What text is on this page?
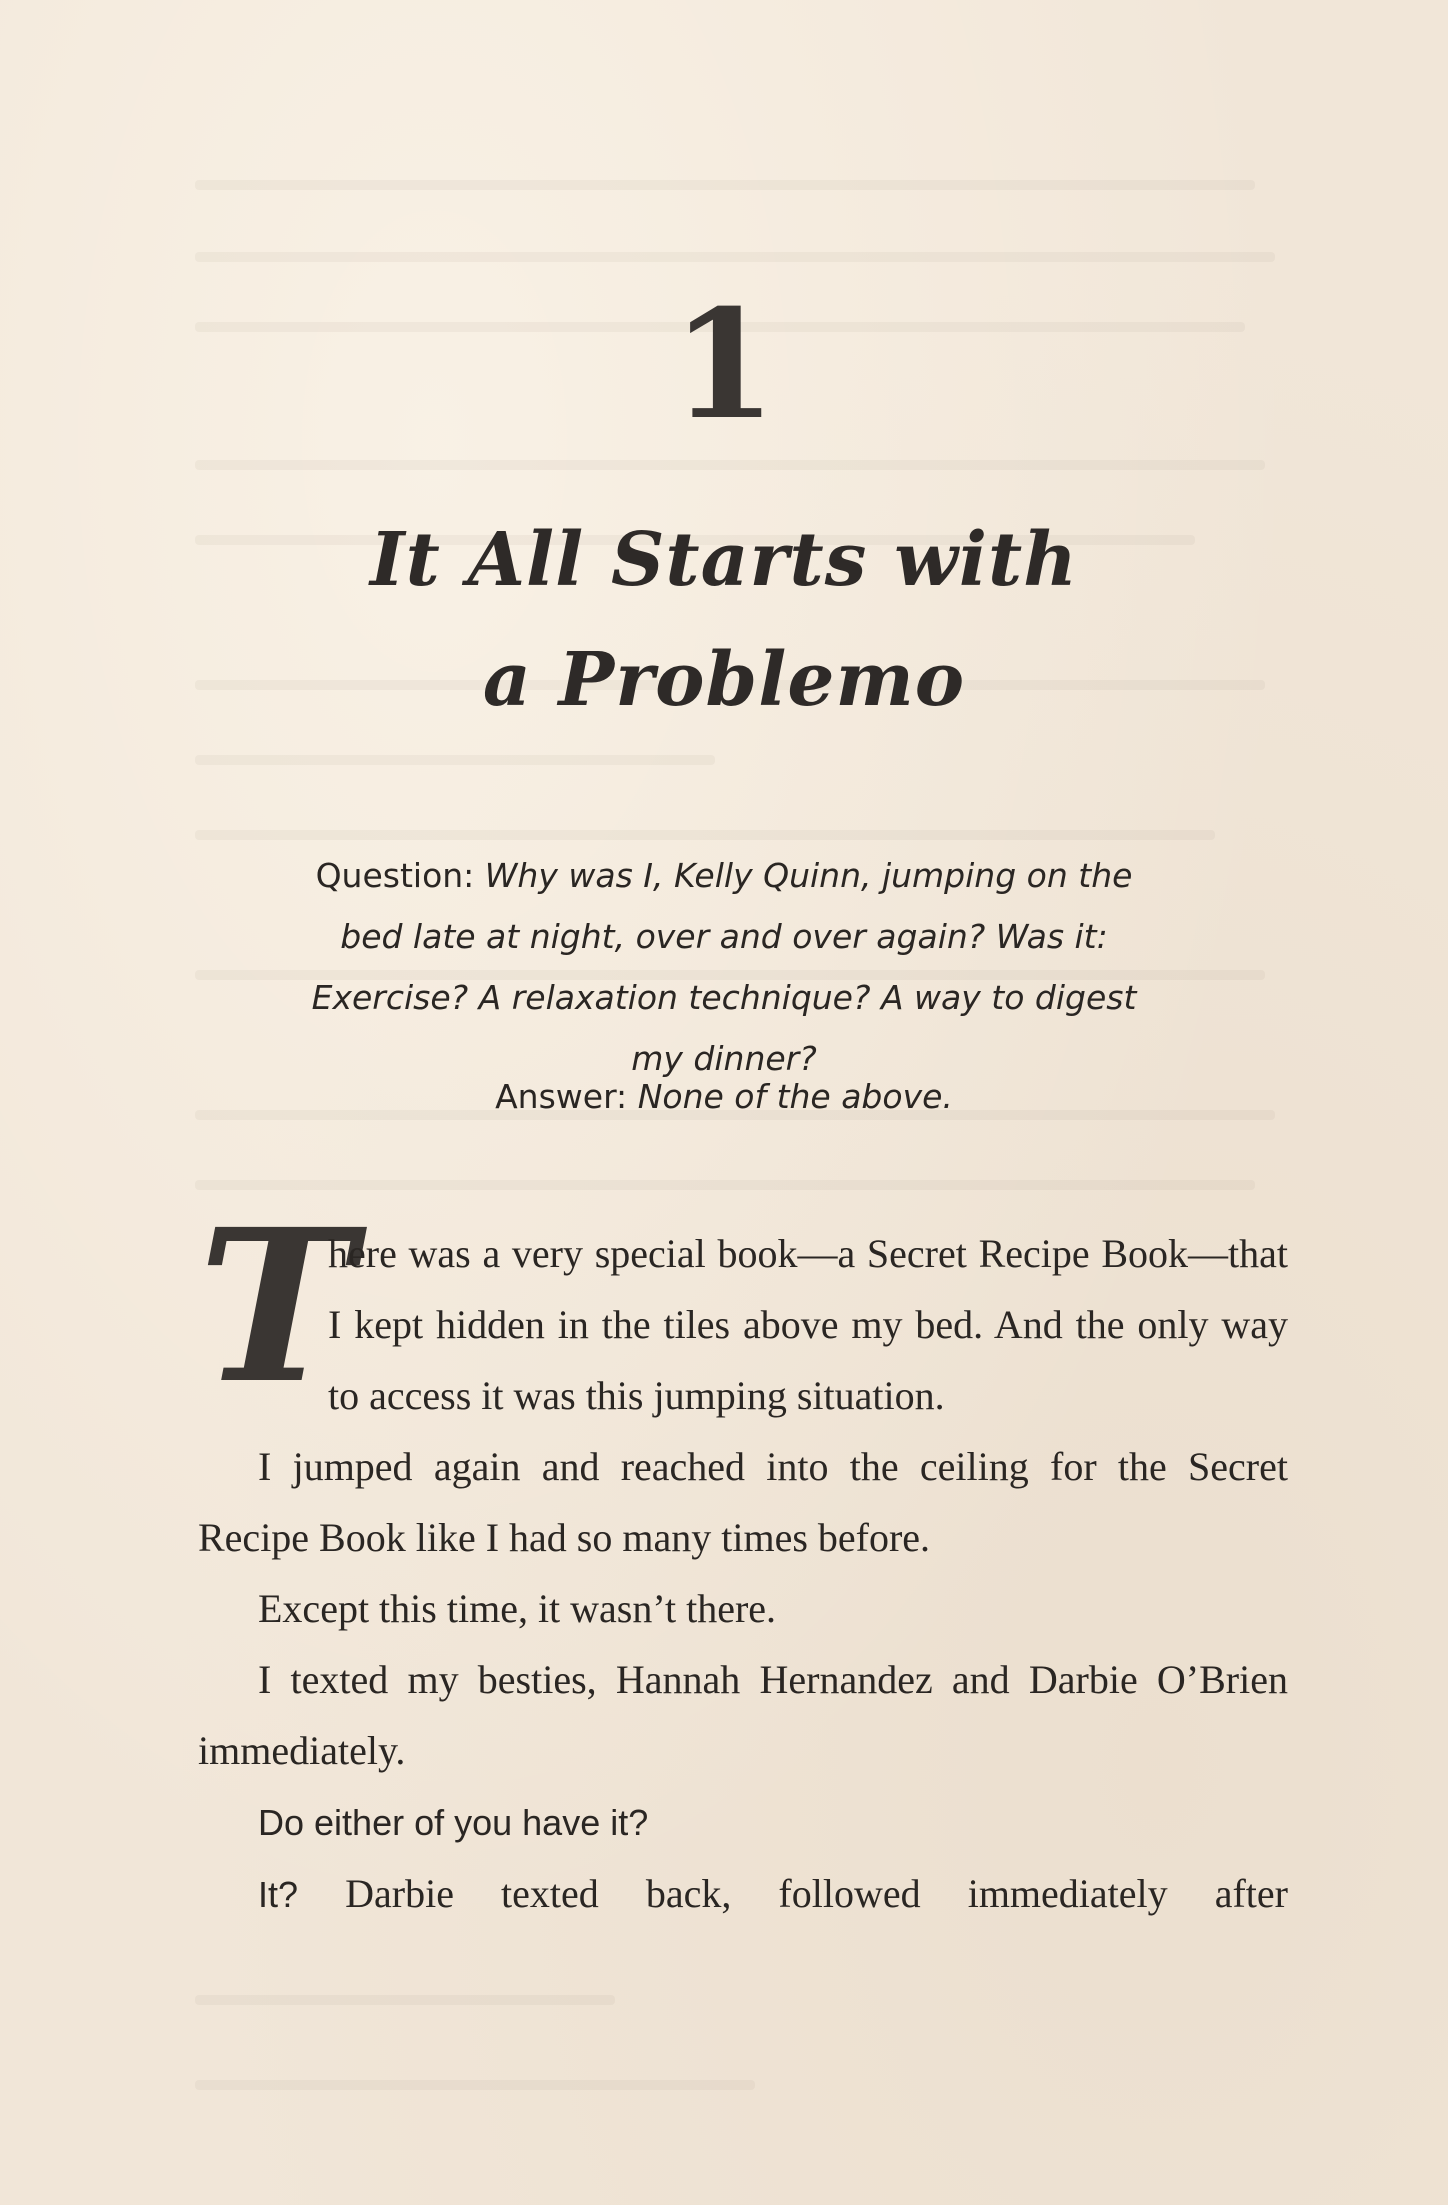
1
It All Starts with
a Problemo
Question: Why was I, Kelly Quinn, jumping on the bed late at night, over and over again? Was it: Exercise? A relaxation technique? A way to digest my dinner?
Answer: None of the above.

T
here was a very special book—a Secret Recipe Book—that I kept hidden in the tiles above my bed. And the only way to access it was this jumping situation.

I jumped again and reached into the ceiling for the Secret Recipe Book like I had so many times before.

Except this time, it wasn’t there.

I texted my besties, Hannah Hernandez and Darbie O’Brien immediately.

Do either of you have it?

It? Darbie texted back, followed immediately after
